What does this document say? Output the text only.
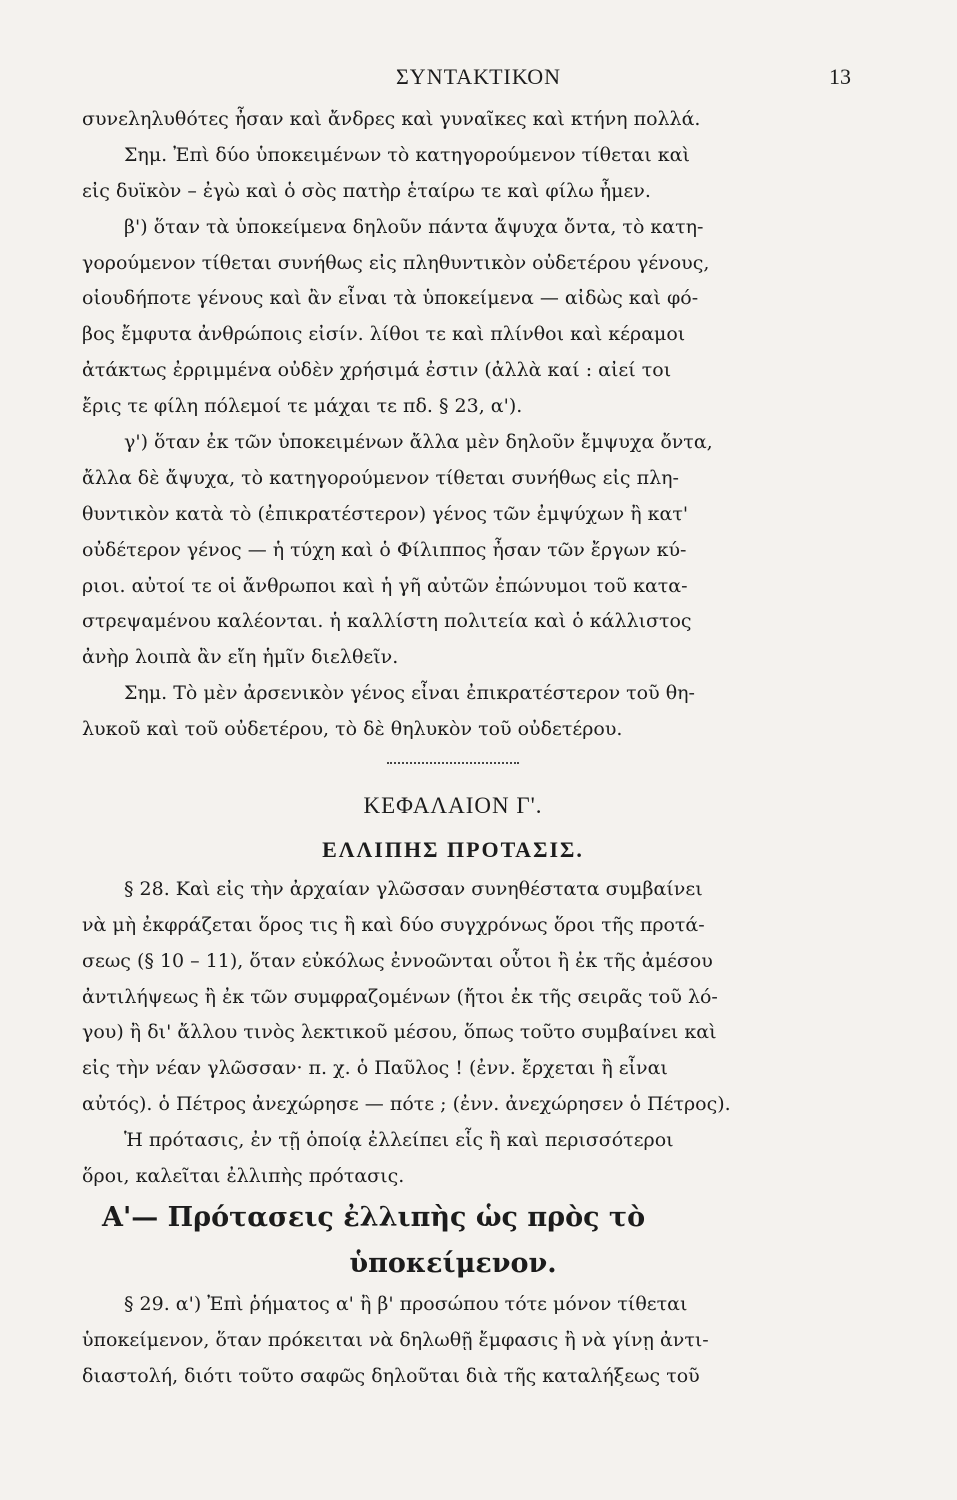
ΣΥΝΤΑΚΤΙΚΟΝ	13
συνεληλυθότες ἦσαν καὶ ἄνδρες καὶ γυναῖκες καὶ κτήνη πολλά.
Σημ. Ἐπὶ δύο ὑποκειμένων τὸ κατηγορούμενον τίθεται καὶ
εἰς δυϊκὸν – ἐγὼ καὶ ὁ σὸς πατὴρ ἑταίρω τε καὶ φίλω ἦμεν.
β') ὅταν τὰ ὑποκείμενα δηλοῦν πάντα ἄψυχα ὄντα, τὸ κατη-
γορούμενον τίθεται συνήθως εἰς πληθυντικὸν οὐδετέρου γένους,
οἱουδήποτε γένους καὶ ἂν εἶναι τὰ ὑποκείμενα — αἰδὼς καὶ φό-
βος ἔμφυτα ἀνθρώποις εἰσίν. λίθοι τε καὶ πλίνθοι καὶ κέραμοι
ἀτάκτως ἐρριμμένα οὐδὲν χρήσιμά ἐστιν (ἀλλὰ καί : αἰεί τοι
ἔρις τε φίλη πόλεμοί τε μάχαι τε πδ. § 23, α').
γ') ὅταν ἐκ τῶν ὑποκειμένων ἄλλα μὲν δηλοῦν ἔμψυχα ὄντα,
ἄλλα δὲ ἄψυχα, τὸ κατηγορούμενον τίθεται συνήθως εἰς πλη-
θυντικὸν κατὰ τὸ (ἐπικρατέστερον) γένος τῶν ἐμψύχων ἢ κατ'
οὐδέτερον γένος — ἡ τύχη καὶ ὁ Φίλιππος ἦσαν τῶν ἔργων κύ-
ριοι. αὐτοί τε οἱ ἄνθρωποι καὶ ἡ γῆ αὐτῶν ἐπώνυμοι τοῦ κατα-
στρεψαμένου καλέονται. ἡ καλλίστη πολιτεία καὶ ὁ κάλλιστος
ἀνὴρ λοιπὰ ἂν εἴη ἡμῖν διελθεῖν.
Σημ. Τὸ μὲν ἀρσενικὸν γένος εἶναι ἐπικρατέστερον τοῦ θη-
λυκοῦ καὶ τοῦ οὐδετέρου, τὸ δὲ θηλυκὸν τοῦ οὐδετέρου.
ΚΕΦΑΛΑΙΟΝ Γ'.
ΕΛΛΙΠΗΣ ΠΡΟΤΑΣΙΣ.
§ 28. Καὶ εἰς τὴν ἀρχαίαν γλῶσσαν συνηθέστατα συμβαίνει
νὰ μὴ ἐκφράζεται ὅρος τις ἢ καὶ δύο συγχρόνως ὅροι τῆς προτά-
σεως (§ 10 – 11), ὅταν εὐκόλως ἐννοῶνται οὗτοι ἢ ἐκ τῆς ἀμέσου
ἀντιλήψεως ἢ ἐκ τῶν συμφραζομένων (ἤτοι ἐκ τῆς σειρᾶς τοῦ λό-
γου) ἢ δι' ἄλλου τινὸς λεκτικοῦ μέσου, ὅπως τοῦτο συμβαίνει καὶ
εἰς τὴν νέαν γλῶσσαν· π. χ. ὁ Παῦλος ! (ἐνν. ἔρχεται ἢ εἶναι
αὐτός). ὁ Πέτρος ἀνεχώρησε — πότε ; (ἐνν. ἀνεχώρησεν ὁ Πέτρος).
Ἡ πρότασις, ἐν τῇ ὁποίᾳ ἐλλείπει εἷς ἢ καὶ περισσότεροι
ὅροι, καλεῖται ἐλλιπὴς πρότασις.
Α'— Πρότασεις ἐλλιπὴς ὡς πρὸς τὸ
ὑποκείμενον.
§ 29. α') Ἐπὶ ῥήματος α' ἢ β' προσώπου τότε μόνον τίθεται
ὑποκείμενον, ὅταν πρόκειται νὰ δηλωθῇ ἔμφασις ἢ νὰ γίνῃ ἀντι-
διαστολή, διότι τοῦτο σαφῶς δηλοῦται διὰ τῆς καταλήξεως τοῦ
